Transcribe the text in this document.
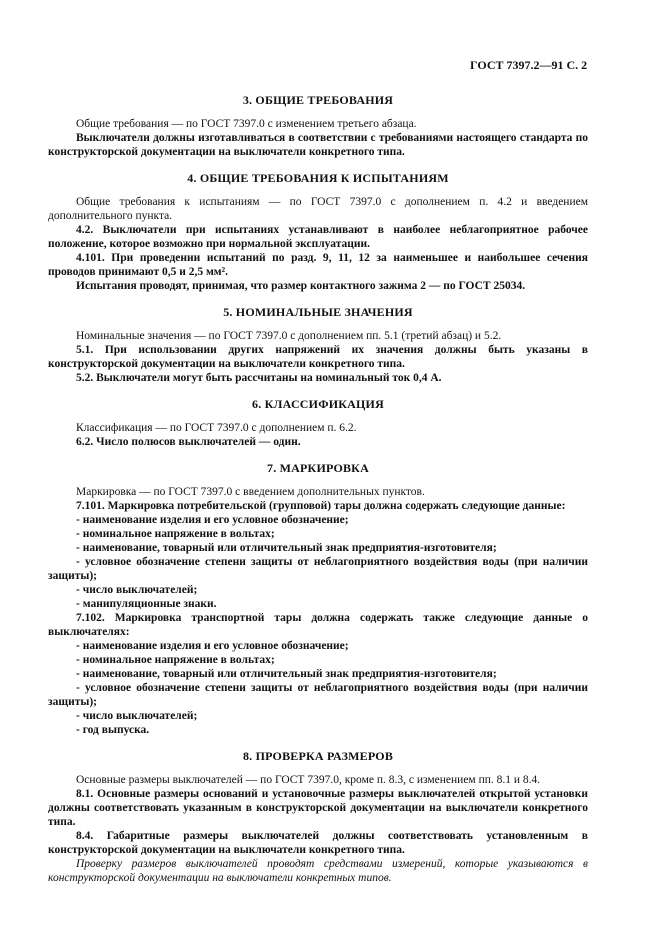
ГОСТ 7397.2—91 С. 2
3. ОБЩИЕ ТРЕБОВАНИЯ

Общие требования — по ГОСТ 7397.0 с изменением третьего абзаца.

Выключатели должны изготавливаться в соответствии с требованиями настоящего стандарта по конструкторской документации на выключатели конкретного типа.

4. ОБЩИЕ ТРЕБОВАНИЯ К ИСПЫТАНИЯМ

Общие требования к испытаниям — по ГОСТ 7397.0 с дополнением п. 4.2 и введением дополнительного пункта.

4.2. Выключатели при испытаниях устанавливают в наиболее неблагоприятное рабочее положение, которое возможно при нормальной эксплуатации.

4.101. При проведении испытаний по разд. 9, 11, 12 за наименьшее и наибольшее сечения проводов принимают 0,5 и 2,5 мм².

Испытания проводят, принимая, что размер контактного зажима 2 — по ГОСТ 25034.

5. НОМИНАЛЬНЫЕ ЗНАЧЕНИЯ

Номинальные значения — по ГОСТ 7397.0 с дополнением пп. 5.1 (третий абзац) и 5.2.

5.1. При использовании других напряжений их значения должны быть указаны в конструкторской документации на выключатели конкретного типа.

5.2. Выключатели могут быть рассчитаны на номинальный ток 0,4 А.

6. КЛАССИФИКАЦИЯ

Классификация — по ГОСТ 7397.0 с дополнением п. 6.2.

6.2. Число полюсов выключателей — один.

7. МАРКИРОВКА

Маркировка — по ГОСТ 7397.0 с введением дополнительных пунктов.

7.101. Маркировка потребительской (групповой) тары должна содержать следующие данные:

- наименование изделия и его условное обозначение;

- номинальное напряжение в вольтах;

- наименование, товарный или отличительный знак предприятия-изготовителя;

- условное обозначение степени защиты от неблагоприятного воздействия воды (при наличии защиты);

- число выключателей;

- манипуляционные знаки.

7.102. Маркировка транспортной тары должна содержать также следующие данные о выключателях:

- наименование изделия и его условное обозначение;

- номинальное напряжение в вольтах;

- наименование, товарный или отличительный знак предприятия-изготовителя;

- условное обозначение степени защиты от неблагоприятного воздействия воды (при наличии защиты);

- число выключателей;

- год выпуска.

8. ПРОВЕРКА РАЗМЕРОВ

Основные размеры выключателей — по ГОСТ 7397.0, кроме п. 8.3, с изменением пп. 8.1 и 8.4.

8.1. Основные размеры оснований и установочные размеры выключателей открытой установки должны соответствовать указанным в конструкторской документации на выключатели конкретного типа.

8.4. Габаритные размеры выключателей должны соответствовать установленным в конструкторской документации на выключатели конкретного типа.

Проверку размеров выключателей проводят средствами измерений, которые указываются в конструкторской документации на выключатели конкретных типов.
